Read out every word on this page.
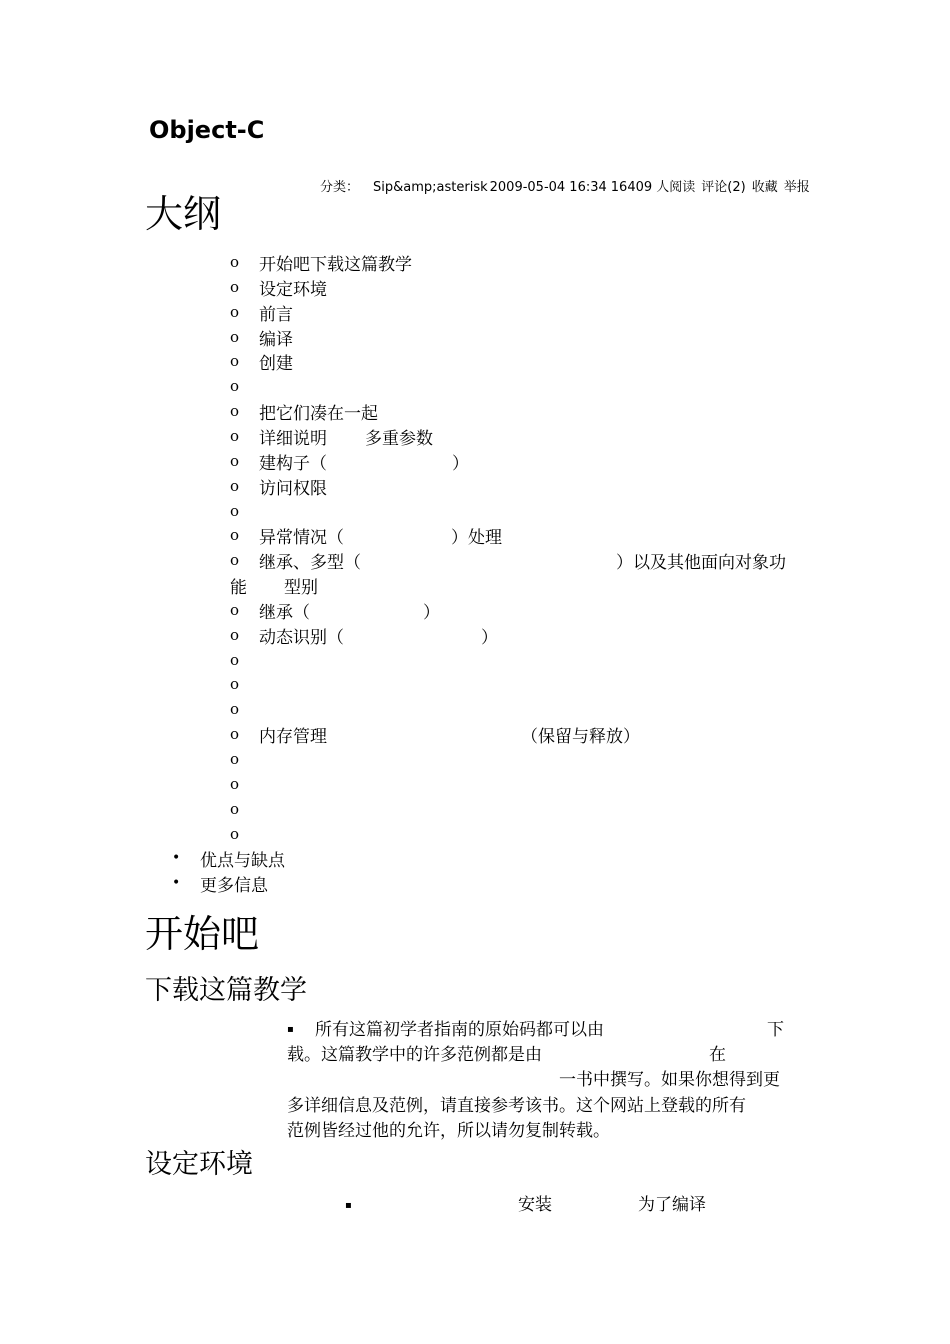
Object-C
分类： Sip&amp;asterisk 2009-05-04 16:34 16409 人阅读 评论(2) 收藏 举报
大纲
o 开始吧下载这篇教学
o 设定环境
o 前言
o 编译
o 创建
o
o 把它们凑在一起
o 详细说明 多重参数
o 建构子（	）
o 访问权限
o
o 异常情况（	）处理
o 继承、多型（	）以及其他面向对象功
能 型别
o 继承（	）
o 动态识别（	）
o
o
o
o 内存管理	（保留与释放）
o
o
o
o
• 优点与缺点
• 更多信息
开始吧
下载这篇教学
▪ 所有这篇初学者指南的原始码都可以由	下
载。这篇教学中的许多范例都是由	在
一书中撰写。如果你想得到更
多详细信息及范例，请直接参考该书。这个网站上登载的所有
范例皆经过他的允许，所以请勿复制转载。
设定环境
▪	安装	为了编译
